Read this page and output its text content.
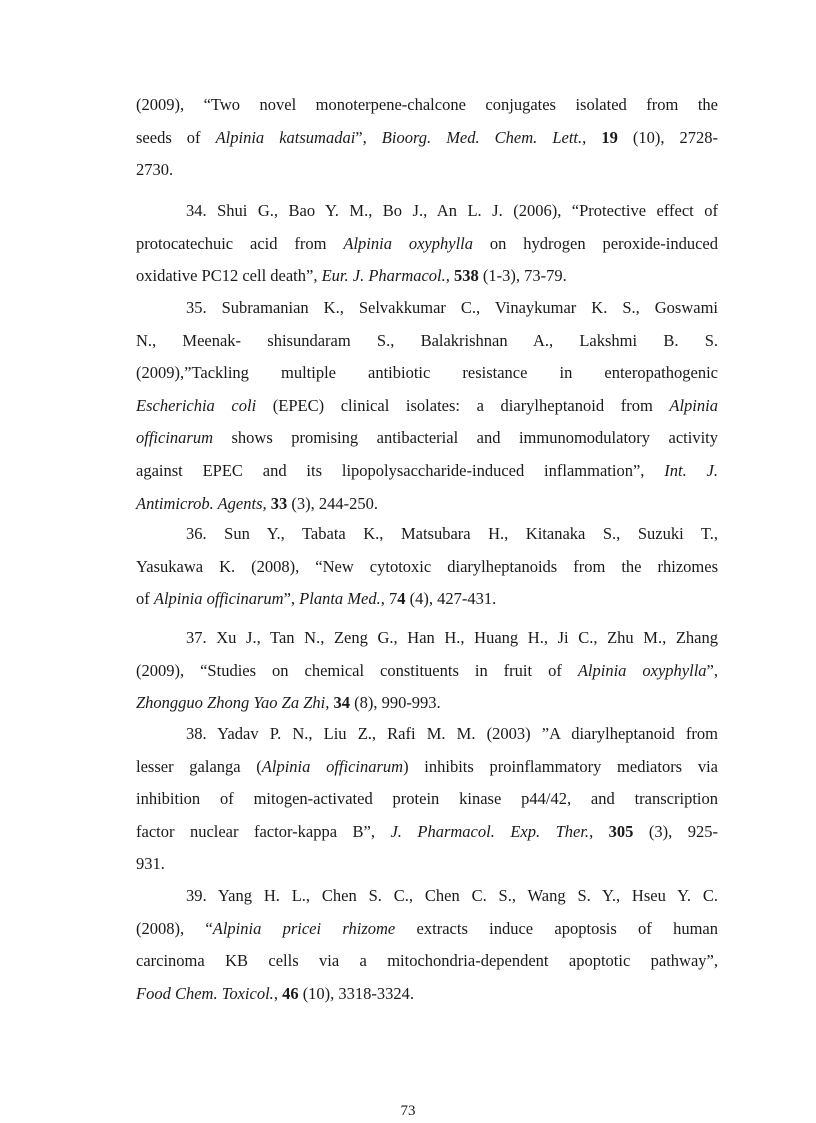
(2009), “Two novel monoterpene-chalcone conjugates isolated from the
seeds of Alpinia katsumadai”, Bioorg. Med. Chem. Lett., 19 (10), 2728-
2730.
34. Shui G., Bao Y. M., Bo J., An L. J. (2006), “Protective effect of
protocatechuic acid from Alpinia oxyphylla on hydrogen peroxide-induced
oxidative PC12 cell death”, Eur. J. Pharmacol., 538 (1-3), 73-79.
35. Subramanian K., Selvakkumar C., Vinaykumar K. S., Goswami
N., Meenak- shisundaram S., Balakrishnan A., Lakshmi B. S.
(2009),”Tackling multiple antibiotic resistance in enteropathogenic
Escherichia coli (EPEC) clinical isolates: a diarylheptanoid from Alpinia
officinarum shows promising antibacterial and immunomodulatory activity
against EPEC and its lipopolysaccharide-induced inflammation”, Int. J.
Antimicrob. Agents, 33 (3), 244-250.
36. Sun Y., Tabata K., Matsubara H., Kitanaka S., Suzuki T.,
Yasukawa K. (2008), “New cytotoxic diarylheptanoids from the rhizomes
of Alpinia officinarum”, Planta Med., 74 (4), 427-431.
37. Xu J., Tan N., Zeng G., Han H., Huang H., Ji C., Zhu M., Zhang
(2009), “Studies on chemical constituents in fruit of Alpinia oxyphylla”,
Zhongguo Zhong Yao Za Zhi, 34 (8), 990-993.
38. Yadav P. N., Liu Z., Rafi M. M. (2003) ”A diarylheptanoid from
lesser galanga (Alpinia officinarum) inhibits proinflammatory mediators via
inhibition of mitogen-activated protein kinase p44/42, and transcription
factor nuclear factor-kappa B”, J. Pharmacol. Exp. Ther., 305 (3), 925-
931.
39. Yang H. L., Chen S. C., Chen C. S., Wang S. Y., Hseu Y. C.
(2008), “Alpinia pricei rhizome extracts induce apoptosis of human
carcinoma KB cells via a mitochondria-dependent apoptotic pathway”,
Food Chem. Toxicol., 46 (10), 3318-3324.
73
